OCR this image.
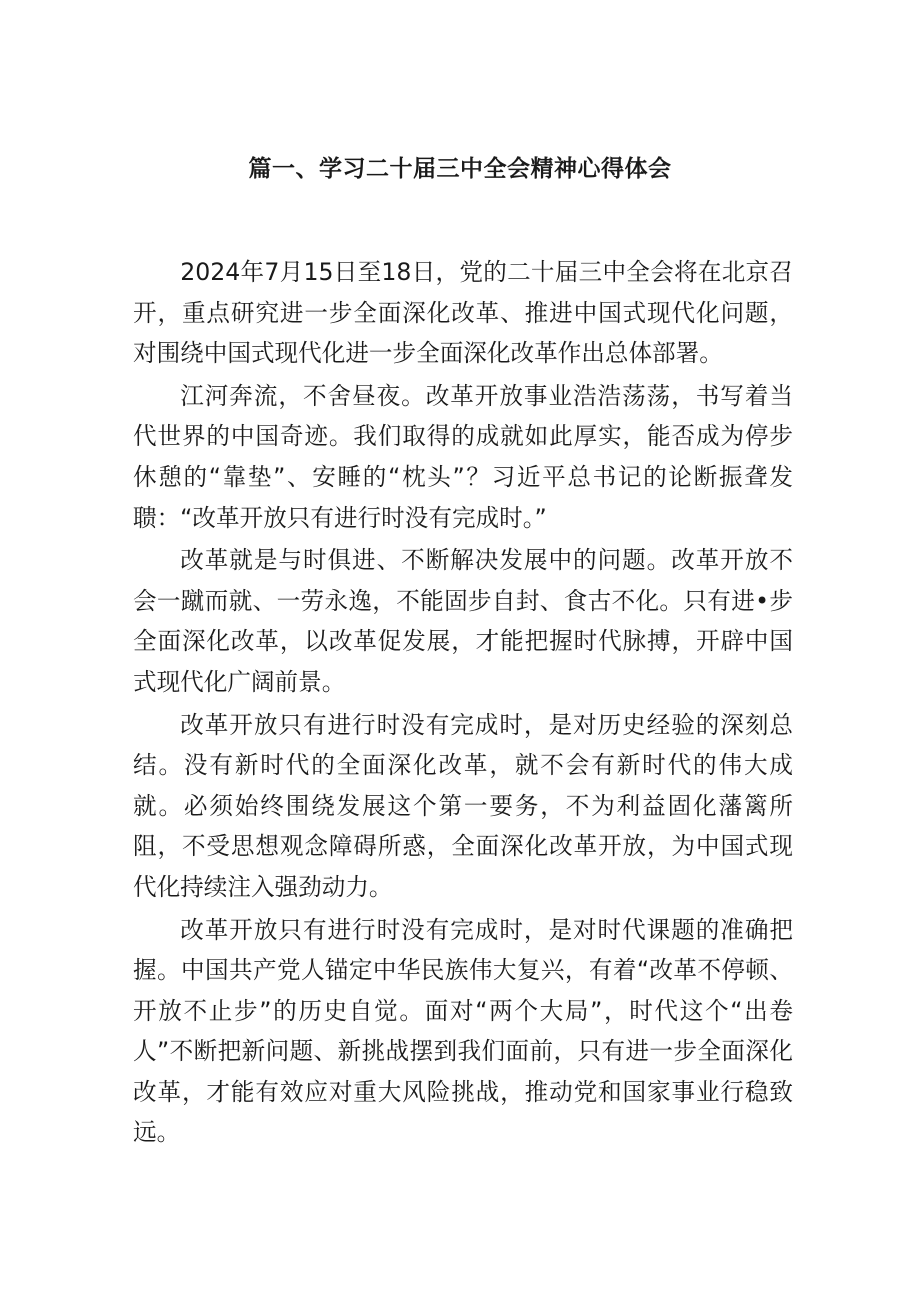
篇一、学习二十届三中全会精神心得体会

2024年7月15日至18日，党的二十届三中全会将在北京召开，重点研究进一步全面深化改革、推进中国式现代化问题，对围绕中国式现代化进一步全面深化改革作出总体部署。

江河奔流，不舍昼夜。改革开放事业浩浩荡荡，书写着当代世界的中国奇迹。我们取得的成就如此厚实，能否成为停步休憩的“靠垫”、安睡的“枕头”？习近平总书记的论断振聋发聩：“改革开放只有进行时没有完成时。”

改革就是与时俱进、不断解决发展中的问题。改革开放不会一蹴而就、一劳永逸，不能固步自封、食古不化。只有进•步全面深化改革，以改革促发展，才能把握时代脉搏，开辟中国式现代化广阔前景。

改革开放只有进行时没有完成时，是对历史经验的深刻总结。没有新时代的全面深化改革，就不会有新时代的伟大成就。必须始终围绕发展这个第一要务，不为利益固化藩篱所阻，不受思想观念障碍所惑，全面深化改革开放，为中国式现代化持续注入强劲动力。

改革开放只有进行时没有完成时，是对时代课题的准确把握。中国共产党人锚定中华民族伟大复兴，有着“改革不停顿、开放不止步”的历史自觉。面对“两个大局”，时代这个“出卷人”不断把新问题、新挑战摆到我们面前，只有进一步全面深化改革，才能有效应对重大风险挑战，推动党和国家事业行稳致远。
